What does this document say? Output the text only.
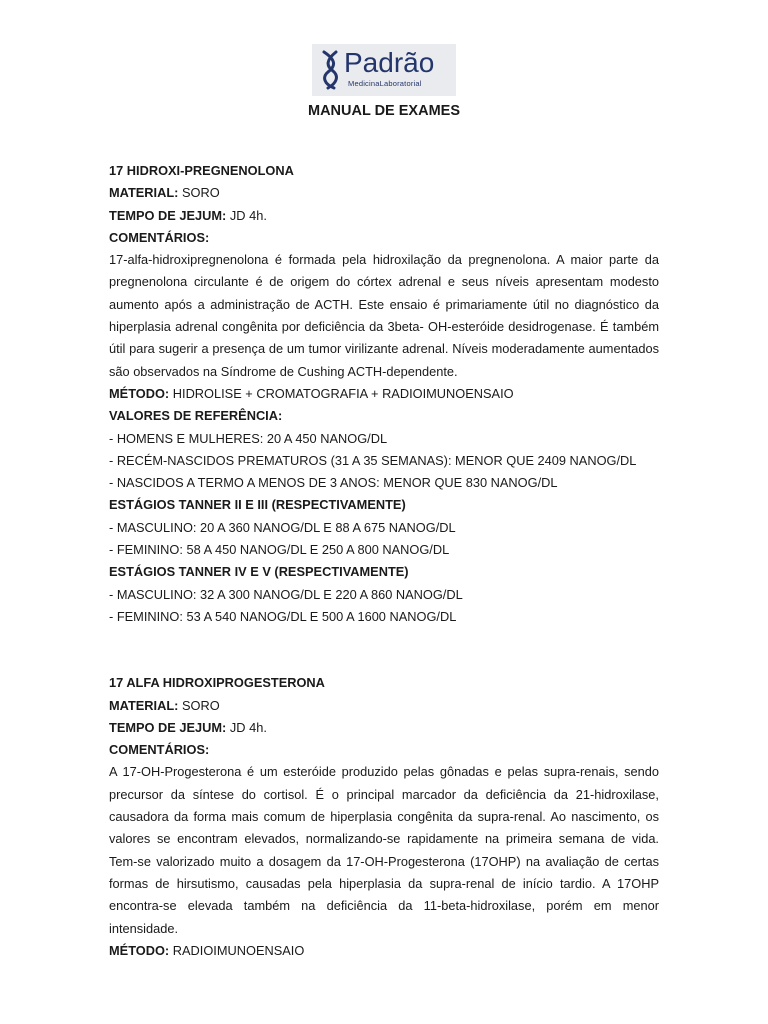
Padrão
MedicinaLaboratorial
MANUAL DE EXAMES
17 HIDROXI-PREGNENOLONA
MATERIAL: SORO
TEMPO DE JEJUM: JD 4h.
COMENTÁRIOS:
17-alfa-hidroxipregnenolona é formada pela hidroxilação da pregnenolona. A maior parte da pregnenolona circulante é de origem do córtex adrenal e seus níveis apresentam modesto aumento após a administração de ACTH. Este ensaio é primariamente útil no diagnóstico da hiperplasia adrenal congênita por deficiência da 3beta- OH-esteróide desidrogenase. É também útil para sugerir a presença de um tumor virilizante adrenal. Níveis moderadamente aumentados são observados na Síndrome de Cushing ACTH-dependente.
MÉTODO: HIDROLISE + CROMATOGRAFIA + RADIOIMUNOENSAIO
VALORES DE REFERÊNCIA:
- HOMENS E MULHERES: 20 A 450 NANOG/DL
- RECÉM-NASCIDOS PREMATUROS (31 A 35 SEMANAS): MENOR QUE 2409 NANOG/DL
- NASCIDOS A TERMO A MENOS DE 3 ANOS: MENOR QUE 830 NANOG/DL
ESTÁGIOS TANNER II E III (RESPECTIVAMENTE)
- MASCULINO: 20 A 360 NANOG/DL E 88 A 675 NANOG/DL
- FEMININO: 58 A 450 NANOG/DL E 250 A 800 NANOG/DL
ESTÁGIOS TANNER IV E V (RESPECTIVAMENTE)
- MASCULINO: 32 A 300 NANOG/DL E 220 A 860 NANOG/DL
- FEMININO: 53 A 540 NANOG/DL E 500 A 1600 NANOG/DL
17 ALFA HIDROXIPROGESTERONA
MATERIAL: SORO
TEMPO DE JEJUM: JD 4h.
COMENTÁRIOS:
A 17-OH-Progesterona é um esteróide produzido pelas gônadas e pelas supra-renais, sendo precursor da síntese do cortisol. É o principal marcador da deficiência da 21-hidroxilase, causadora da forma mais comum de hiperplasia congênita da supra-renal. Ao nascimento, os valores se encontram elevados, normalizando-se rapidamente na primeira semana de vida. Tem-se valorizado muito a dosagem da 17-OH-Progesterona (17OHP) na avaliação de certas formas de hirsutismo, causadas pela hiperplasia da supra-renal de início tardio. A 17OHP encontra-se elevada também na deficiência da 11-beta-hidroxilase, porém em menor intensidade.
MÉTODO: RADIOIMUNOENSAIO
